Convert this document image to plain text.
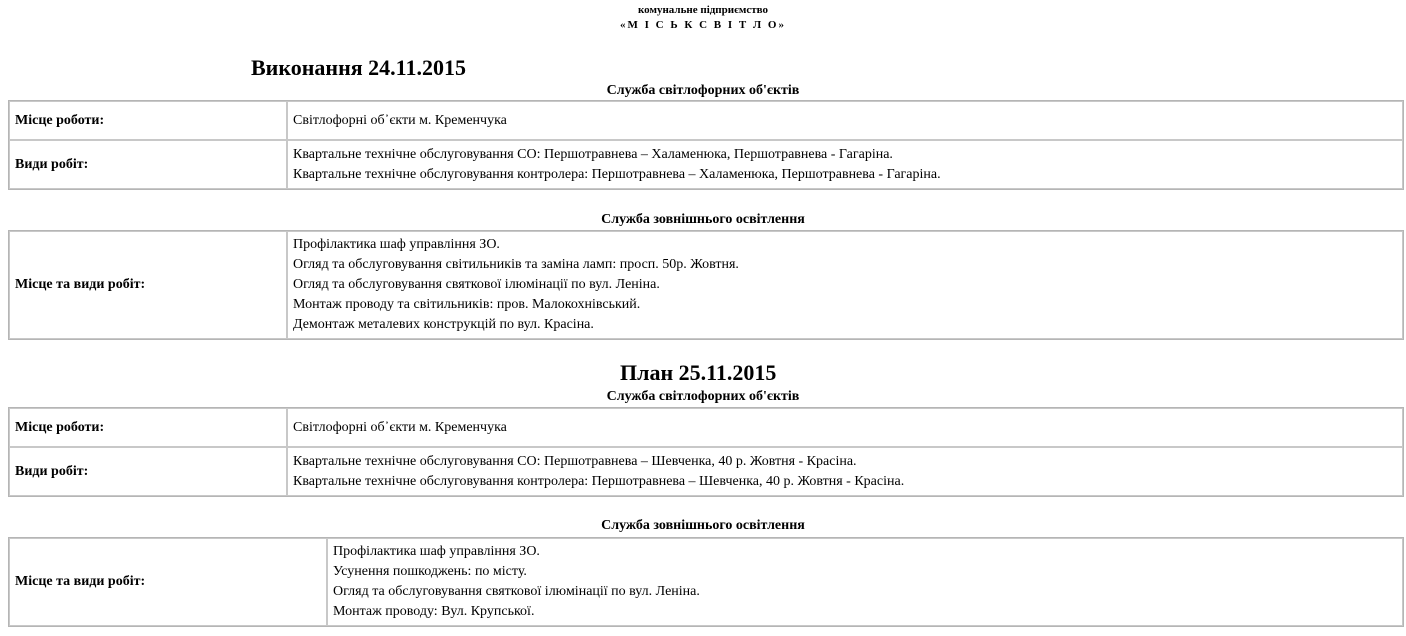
комунальне підприємство
«М І С Ь К С В І Т Л О»
Виконання 24.11.2015
Служба світлофорних об'єктів
Місце роботи:	Світлофорні об᾿єкти м. Кременчука
Види робіт:	Квартальне технічне обслуговування СО: Першотравнева – Халаменюка, Першотравнева - Гагаріна.
Квартальне технічне обслуговування контролера: Першотравнева – Халаменюка, Першотравнева - Гагаріна.
Служба зовнішнього освітлення
Місце та види робіт:	
Профілактика шаф управління ЗО.
Огляд та обслуговування світильників та заміна ламп: просп. 50р. Жовтня.
Огляд та обслуговування святкової ілюмінації по вул. Леніна.
Монтаж проводу та світильників: пров. Малокохнівський.
Демонтаж металевих конструкцій по вул. Красіна.
План 25.11.2015
Служба світлофорних об'єктів
Місце роботи:	Світлофорні об᾿єкти м. Кременчука
Види робіт:	Квартальне технічне обслуговування СО: Першотравнева – Шевченка, 40 р. Жовтня - Красіна.
Квартальне технічне обслуговування контролера: Першотравнева – Шевченка, 40 р. Жовтня - Красіна.
Служба зовнішнього освітлення
Місце та види робіт:	
Профілактика шаф управління ЗО.
Усунення пошкоджень: по місту.
Огляд та обслуговування святкової ілюмінації по вул. Леніна.
Монтаж проводу: Вул. Крупської.
